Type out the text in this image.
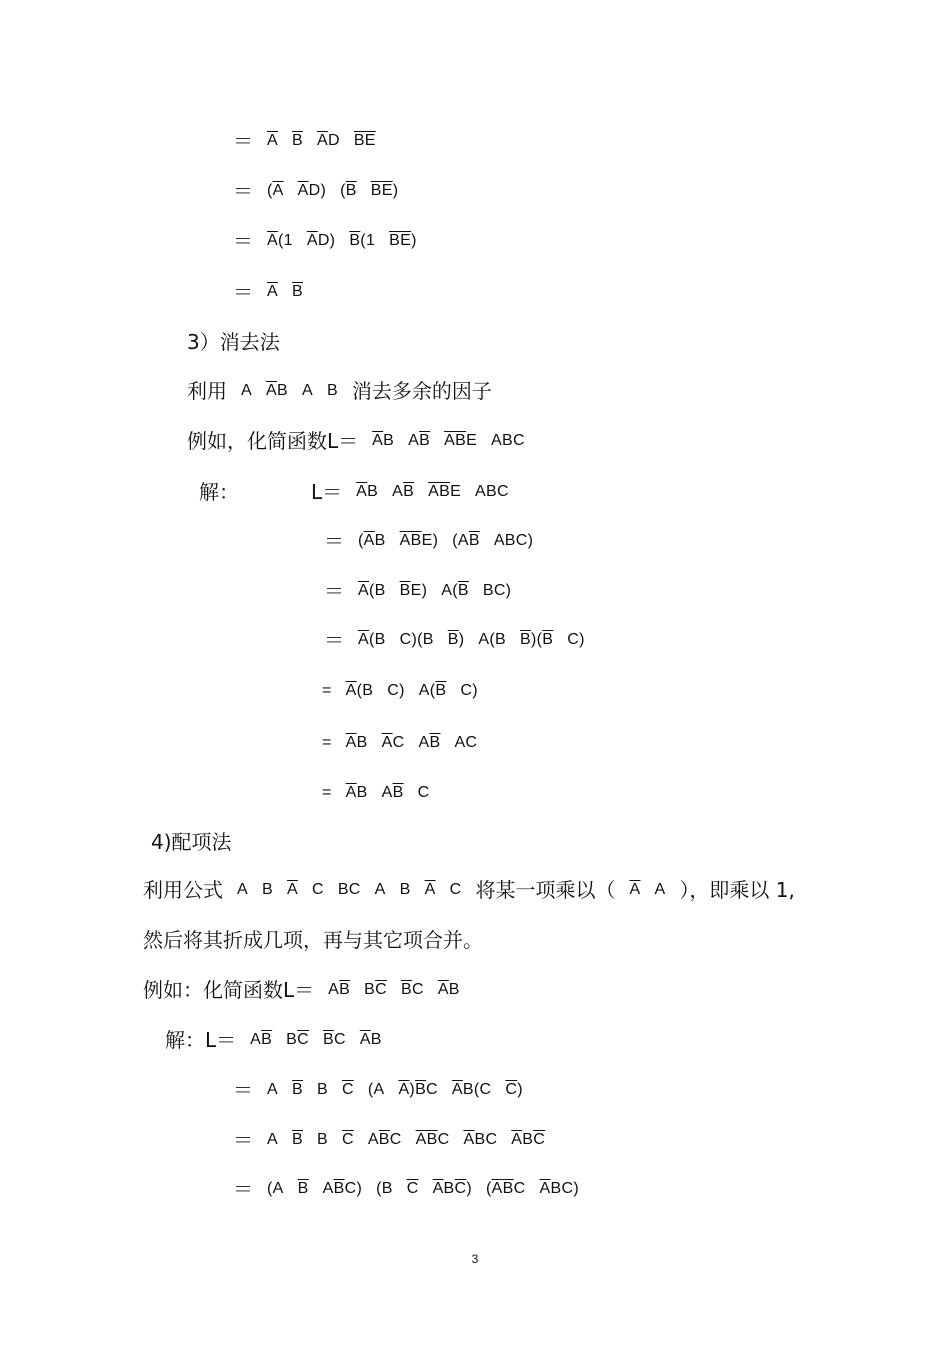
＝ $\overline{A}$ $\overline{B}$ $\overline{A}D$ $\overline{B}\overline{E}$
＝ ($\overline{A}$ $\overline{A}D$) ($\overline{B}$ $\overline{B}\overline{E}$)
＝ $\overline{A}(1$ $\overline{A}D$) $\overline{B}(1$ $\overline{B}\overline{E}$)
＝ $\overline{A}$ $\overline{B}$
3）消去法
利用 A $\overline{A}B$ A B 消去多余的因子
例如，化简函数$L= \overline{A}B$ $A\overline{B}$ $\overline{A}\overline{B}E$ ABC
解：	$L= \overline{A}B$ $A\overline{B}$ $\overline{A}\overline{B}E$ ABC
＝ ($\overline{A}B$ $\overline{A}\overline{B}E$) ($A\overline{B}$ ABC)
＝ $\overline{A}(B$ $\overline{B}E$) $A(\overline{B}$ BC)
＝ $\overline{A}(B$ C)(B $\overline{B}$) A(B $\overline{B})(\overline{B}$ C)
= $\overline{A}(B$ C) $A(\overline{B}$ C)
= $\overline{A}B$ $\overline{A}C$ $A\overline{B}$ AC
= $\overline{A}B$ $A\overline{B}$ C
4)配项法
利用公式 A B $\overline{A}$ C BC A B $\overline{A}$ C 将某一项乘以（ $\overline{A}$ A ），即乘以 1,
然后将其折成几项，再与其它项合并。
例如：化简函数$L= A\overline{B}$ $B\overline{C}$ $\overline{B}C$ $\overline{A}B$
解：$L= A\overline{B}$ $B\overline{C}$ $\overline{B}C$ $\overline{A}B$
＝ A $\overline{B}$ B $\overline{C}$ (A $\overline{A})\overline{B}C$ $\overline{A}B(C$ $\overline{C}$)
＝ A $\overline{B}$ B $\overline{C}$ $A\overline{B}C$ $\overline{A}\overline{B}C$ $\overline{A}BC$ $\overline{A}B\overline{C}$
＝ (A $\overline{B}$ $A\overline{B}C$) (B $\overline{C}$ $\overline{A}B\overline{C}$) ($\overline{A}\overline{B}C$ $\overline{A}BC$)
3
